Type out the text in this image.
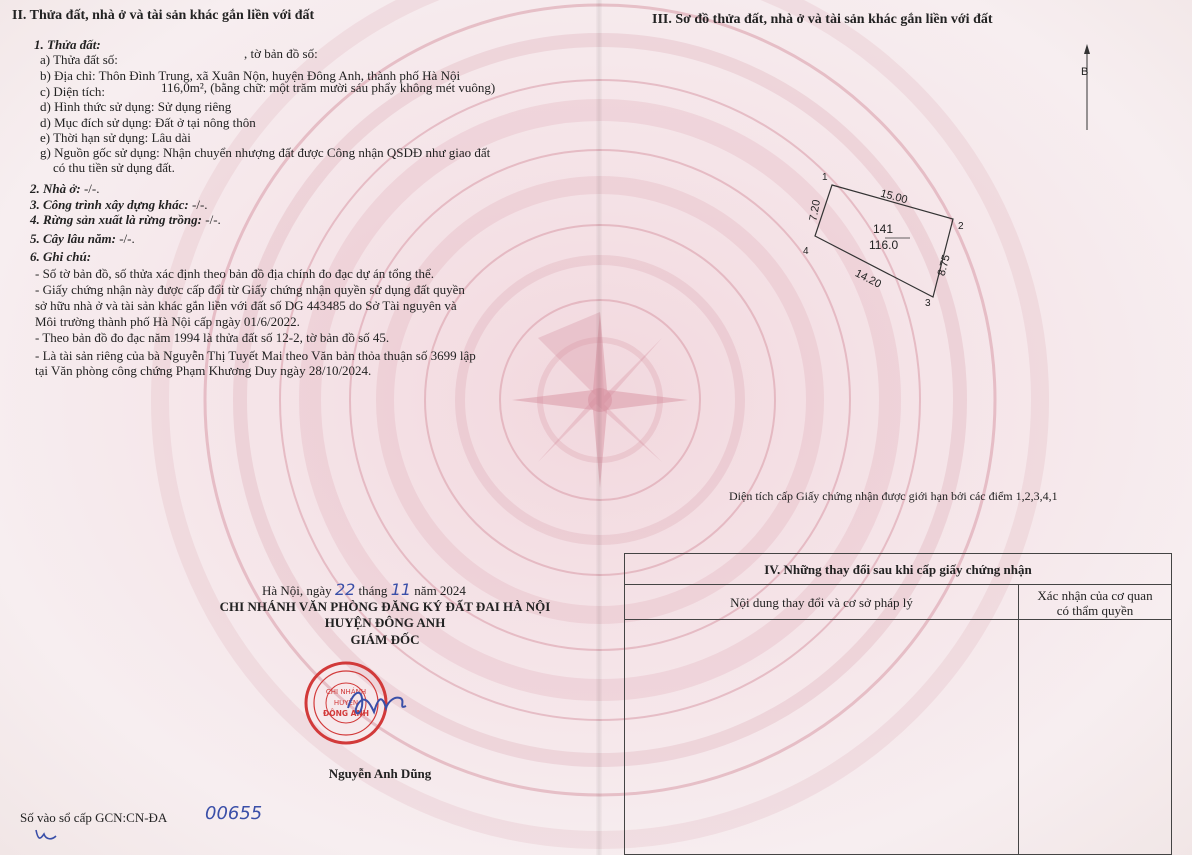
II. Thửa đất, nhà ở và tài sản khác gắn liền với đất
1. Thửa đất:
a) Thửa đất số:	, tờ bản đồ số:
b) Địa chỉ: Thôn Đình Trung, xã Xuân Nộn, huyện Đông Anh, thành phố Hà Nội
c) Diện tích:	116,0m², (bằng chữ: một trăm mười sáu phẩy không mét vuông)
d) Hình thức sử dụng: Sử dụng riêng
d) Mục đích sử dụng: Đất ở tại nông thôn
e) Thời hạn sử dụng: Lâu dài
g) Nguồn gốc sử dụng: Nhận chuyển nhượng đất được Công nhận QSDĐ như giao đất
có thu tiền sử dụng đất.
2. Nhà ở: -/-.
3. Công trình xây dựng khác: -/-.
4. Rừng sản xuất là rừng trồng: -/-.
5. Cây lâu năm: -/-.
6. Ghi chú:
- Số tờ bản đồ, số thửa xác định theo bản đồ địa chính đo đạc dự án tổng thể.
- Giấy chứng nhận này được cấp đổi từ Giấy chứng nhận quyền sử dụng đất quyền
sở hữu nhà ở và tài sản khác gắn liền với đất số DG 443485 do Sở Tài nguyên và
Môi trường thành phố Hà Nội cấp ngày 01/6/2022.
- Theo bản đồ đo đạc năm 1994 là thửa đất số 12-2, tờ bản đồ số 45.
- Là tài sản riêng của bà Nguyễn Thị Tuyết Mai theo Văn bản thỏa thuận số 3699 lập
tại Văn phòng công chứng Phạm Khương Duy ngày 28/10/2024.
Hà Nội, ngày 22 tháng 11 năm 2024
CHI NHÁNH VĂN PHÒNG ĐĂNG KÝ ĐẤT ĐAI HÀ NỘI
HUYỆN ĐÔNG ANH
GIÁM ĐỐC
CHI NHÁNH
HUYỆN
ĐÔNG ANH
Nguyễn Anh Dũng
Số vào sổ cấp GCN:CN-ĐA 00655
III. Sơ đồ thửa đất, nhà ở và tài sản khác gắn liền với đất
B
1
2
3
4
15.00
8.75
14.20
7.20
141
116.0
Diện tích cấp Giấy chứng nhận được giới hạn bởi các điểm 1,2,3,4,1
IV. Những thay đổi sau khi cấp giấy chứng nhận
Nội dung thay đổi và cơ sở pháp lý	Xác nhận của cơ quan
có thẩm quyền
